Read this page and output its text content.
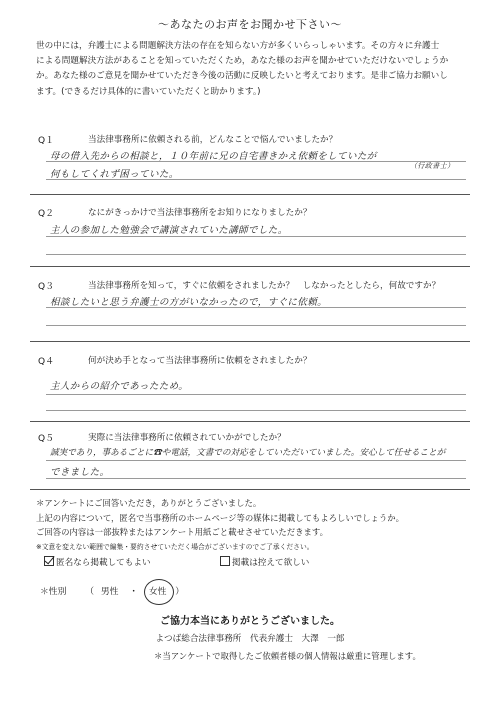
～あなたのお声をお聞かせ下さい～
世の中には，弁護士による問題解決方法の存在を知らない方が多くいらっしゃいます。その方々に弁護士
による問題解決方法があることを知っていただくため，あなた様のお声を聞かせていただけないでしょうか
か。あなた様のご意見を聞かせていただき今後の活動に反映したいと考えております。是非ご協力お願いし
ます。(できるだけ具体的に書いていただくと助かります。)
Q１	当法律事務所に依頼される前，どんなことで悩んでいましたか？
母の借入先からの相談と，１０年前に兄の自宅書きかえ依頼をしていたが
（行政書士）
何もしてくれず困っていた。
Q２	なにがきっかけで当法律事務所をお知りになりましたか？
主人の参加した勉強会で講演されていた講師でした。
Q３	当法律事務所を知って，すぐに依頼をされましたか？　しなかったとしたら，何故ですか？
相談したいと思う弁護士の方がいなかったので，すぐに依頼。
Q４	何が決め手となって当法律事務所に依頼をされましたか？
主人からの紹介であったため。
Q５	実際に当法律事務所に依頼されていかがでしたか？
誠実であり，事あるごとに☎や電話，文書での対応をしていただいていました。安心して任せることが
できました。
＊アンケートにご回答いただき，ありがとうございました。
上記の内容について，匿名で当事務所のホームページ等の媒体に掲載してもよろしいでしょうか。
ご回答の内容は一部抜粋またはアンケート用紙ごと載せさせていただきます。
※文意を変えない範囲で編集・要約させていただく場合がございますのでご了承ください。
匿名なら掲載してもよい	掲載は控えて欲しい
＊性別 （ 男性 ・ 女性 ）
ご協力本当にありがとうございました。
よつば総合法律事務所　代表弁護士　大澤　一郎
＊当アンケートで取得したご依頼者様の個人情報は厳重に管理します。
